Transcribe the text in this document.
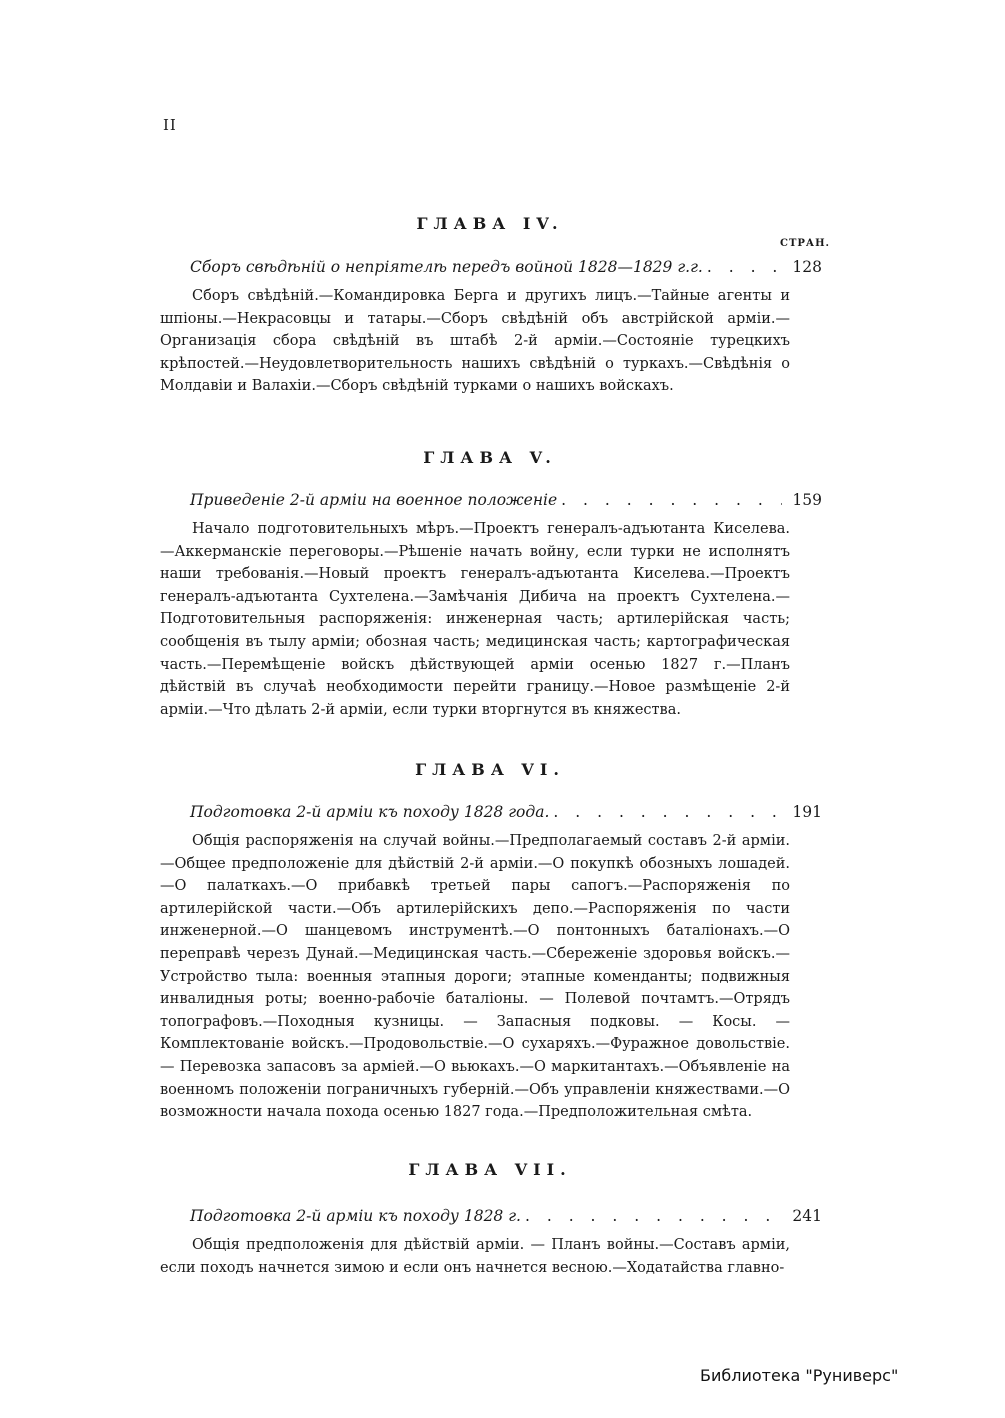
II
ГЛАВА IV.
СТРАН.
Сборъ свѣдѣній о непріятелѣ передъ войной 1828—1829 г.г. . . .	128

Сборъ свѣдѣній.—Командировка Берга и другихъ лицъ.—Тайные агенты и шпіоны.—Некрасовцы и татары.—Сборъ свѣдѣній объ австрійской арміи.—Организація сбора свѣдѣній въ штабѣ 2-й арміи.—Состояніе турецкихъ крѣпостей.—Неудовлетворительность нашихъ свѣдѣній о туркахъ.—Свѣдѣнія о Молдавіи и Валахіи.—Сборъ свѣдѣній турками о нашихъ войскахъ.

ГЛАВА V.
Приведеніе 2-й арміи на военное положеніе . . .	159

Начало подготовительныхъ мѣръ.—Проектъ генералъ-адъютанта Киселева.—Аккерманскіе переговоры.—Рѣшеніе начать войну, если турки не исполнятъ наши требованія.—Новый проектъ генералъ-адъютанта Киселева.—Проектъ генералъ-адъютанта Сухтелена.—Замѣчанія Дибича на проектъ Сухтелена.—Подготовительныя распоряженія: инженерная часть; артилерійская часть; сообщенія въ тылу арміи; обозная часть; медицинская часть; картографическая часть.—Перемѣщеніе войскъ дѣйствующей арміи осенью 1827 г.—Планъ дѣйствій въ случаѣ необходимости перейти границу.—Новое размѣщеніе 2-й арміи.—Что дѣлать 2-й арміи, если турки вторгнутся въ княжества.

ГЛАВА VI.
Подготовка 2-й арміи къ походу 1828 года. . . .	191

Общія распоряженія на случай войны.—Предполагаемый составъ 2-й арміи.—Общее предположеніе для дѣйствій 2-й арміи.—О покупкѣ обозныхъ лошадей.—О палаткахъ.—О прибавкѣ третьей пары сапогъ.—Распоряженія по артилерійской части.—Объ артилерійскихъ депо.—Распоряженія по части инженерной.—О шанцевомъ инструментѣ.—О понтонныхъ баталіонахъ.—О переправѣ черезъ Дунай.—Медицинская часть.—Сбереженіе здоровья войскъ.—Устройство тыла: военныя этапныя дороги; этапные коменданты; подвижныя инвалидныя роты; военно-рабочіе баталіоны. — Полевой почтамтъ.—Отрядъ топографовъ.—Походныя кузницы. — Запасныя подковы. — Косы. — Комплектованіе войскъ.—Продовольствіе.—О сухаряхъ.—Фуражное довольствіе. — Перевозка запасовъ за арміей.—О вьюкахъ.—О маркитантахъ.—Объявленіе на военномъ положеніи пограничныхъ губерній.—Объ управленіи княжествами.—О возможности начала похода осенью 1827 года.—Предположительная смѣта.

ГЛАВА VII.
Подготовка 2-й арміи къ походу 1828 г. . . .	241

Общія предположенія для дѣйствій арміи. — Планъ войны.—Составъ арміи, если походъ начнется зимою и если онъ начнется весною.—Ходатайства главно-

Библиотека "Руниверс"
